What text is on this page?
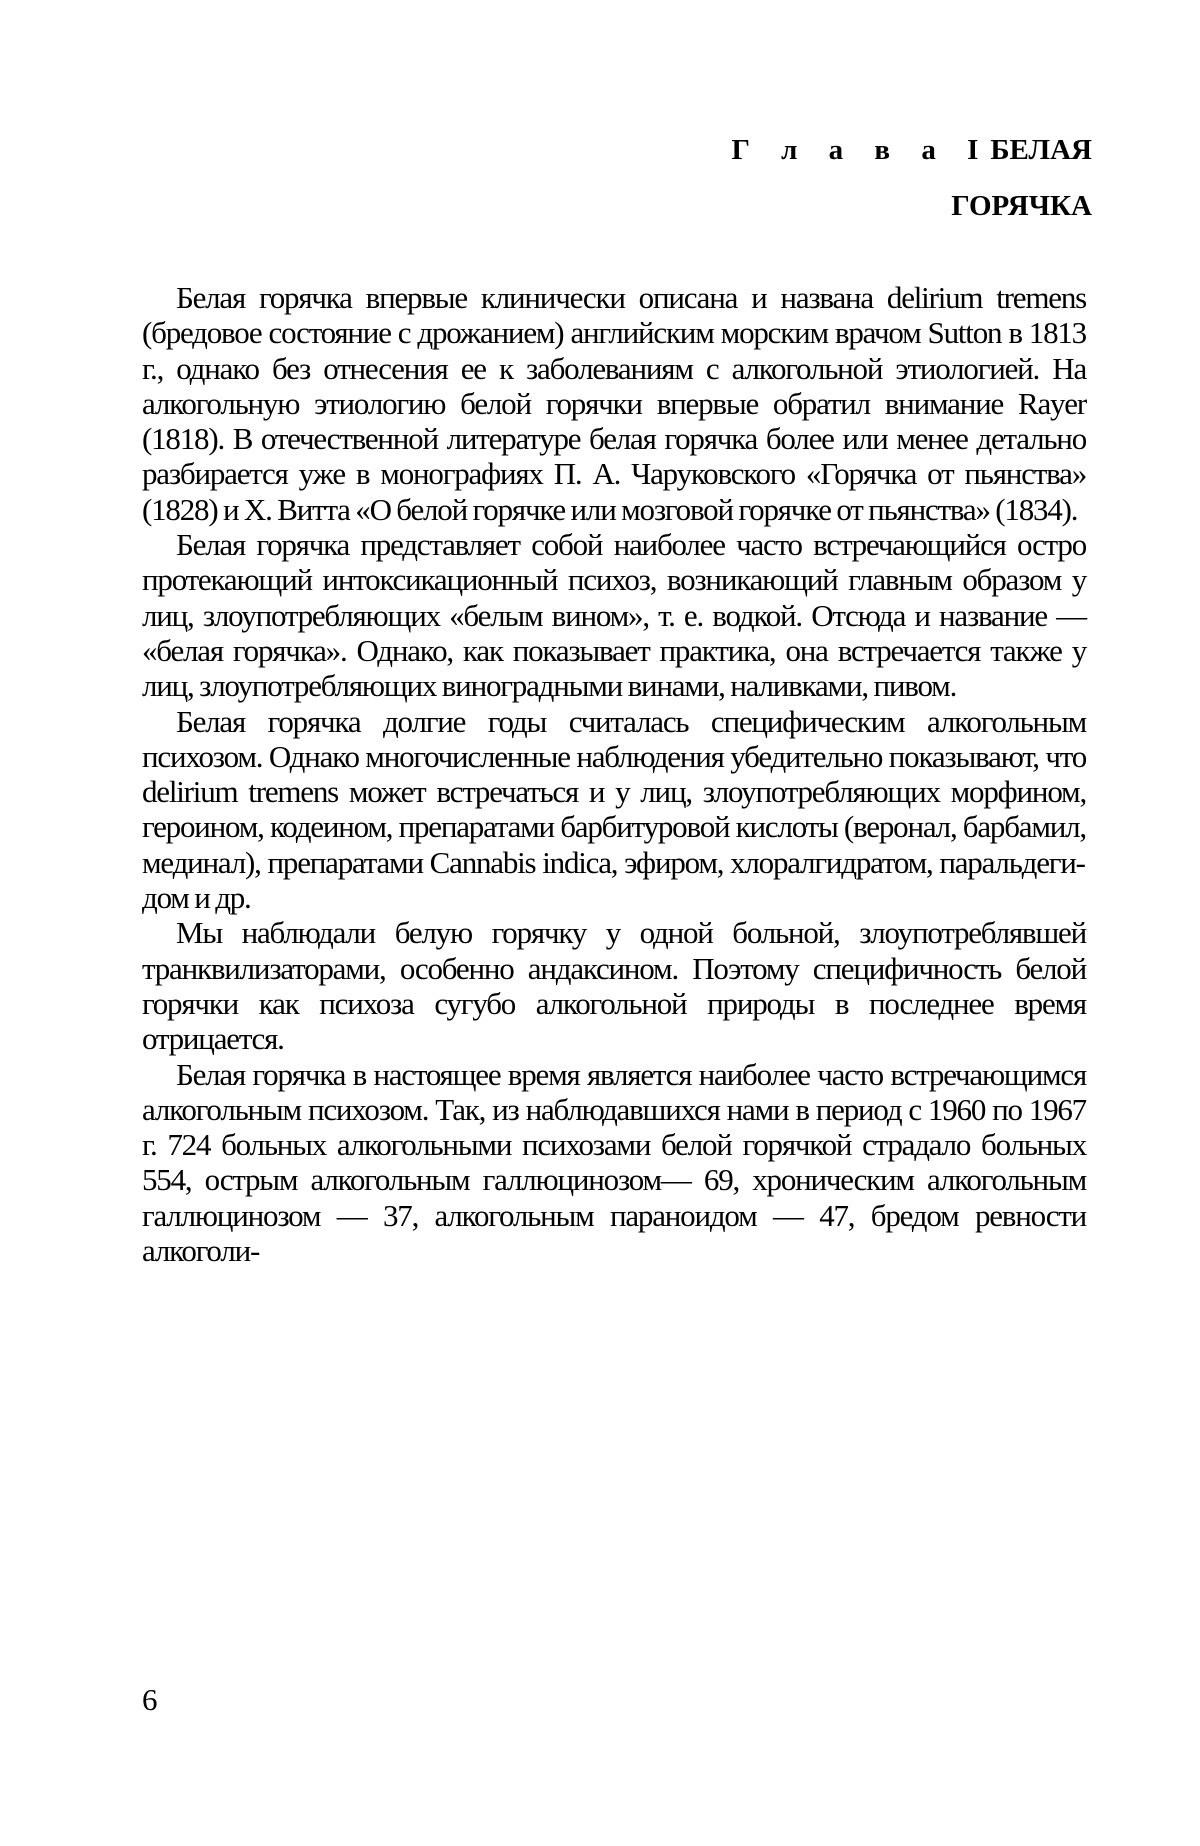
Г л а в а IБЕЛАЯ
ГОРЯЧКА

Белая горячка впервые клинически описана и названа delirium tremens (бредовое состояние с дрожанием) английским морским врачом Sutton в 1813 г., однако без отнесения ее к заболеваниям с алкогольной этиологией. На алкогольную этиологию белой горячки впервые обратил внимание Rayer (1818). В отечественной литературе белая горячка более или менее детально разбирается уже в монографиях П. А. Чаруковского «Горячка от пьянства» (1828) и X. Витта «О белой горячке или мозговой горячке от пьянства» (1834).

Белая горячка представляет собой наиболее часто встречающийся остро протекающий интоксикационный психоз, возникающий главным образом у лиц, злоупотребляющих «белым вином», т. е. водкой. Отсюда и название — «белая горячка». Однако, как показывает практика, она встречается также у лиц, злоупотребляющих виноградными винами, наливками, пивом.

Белая горячка долгие годы считалась специфическим алкогольным психозом. Однако многочисленные наблюдения убедительно показывают, что delirium tremens может встречаться и у лиц, злоупотребляющих морфином, героином, кодеином, препаратами барбитуровой кислоты (веронал, барбамил, мединал), препаратами Cannabis indica, эфиром, хлоралгидратом, паральдегидом и др.

Мы наблюдали белую горячку у одной больной, злоупотреблявшей транквилизаторами, особенно андаксином. Поэтому специфичность белой горячки как психоза сугубо алкогольной природы в последнее время отрицается.

Белая горячка в настоящее время является наиболее часто встречающимся алкогольным психозом. Так, из наблюдавшихся нами в период с 1960 по 1967 г. 724 больных алкогольными психозами белой горячкой страдало больных 554, острым алкогольным галлюцинозом— 69, хроническим алкогольным галлюцинозом — 37, алкогольным параноидом — 47, бредом ревности алкоголи-

6
